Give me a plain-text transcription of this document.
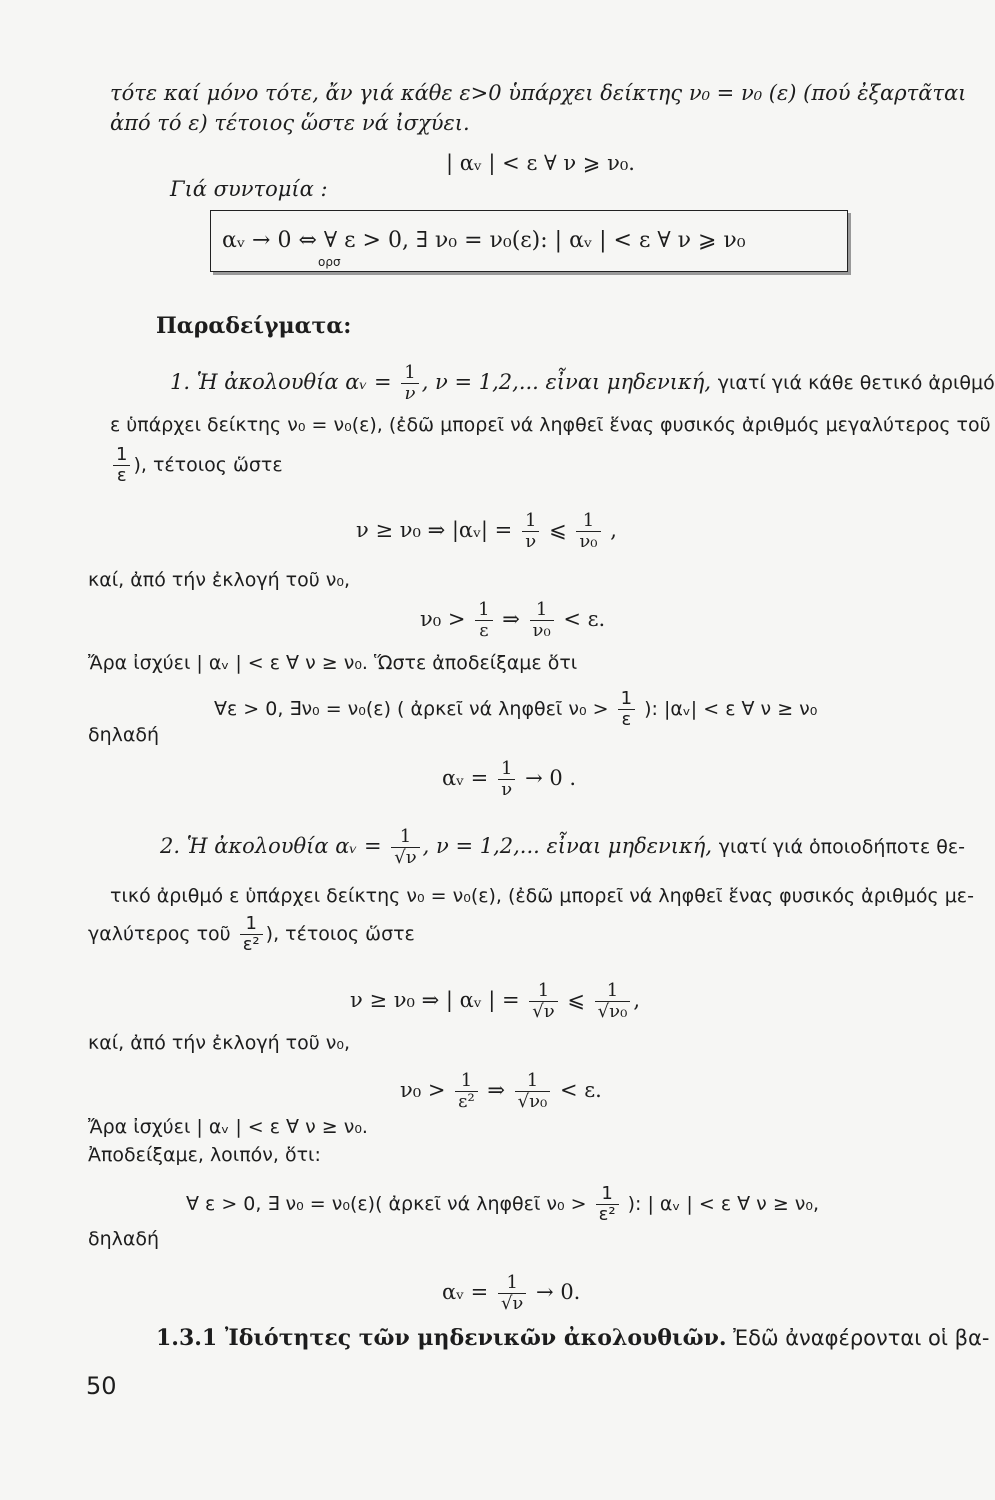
τότε καί μόνο τότε, ἄν γιά κάθε ε>0 ὑπάρχει δείκτης ν₀ = ν₀ (ε) (πού ἐξαρτᾶται
ἀπό τό ε) τέτοιος ὥστε νά ἰσχύει.
| αᵥ | < ε ∀ ν ⩾ ν₀.
Γιά συντομία :
αᵥ → 0 ⇔ ∀ ε > 0, ∃ ν₀ = ν₀(ε): | αᵥ | < ε ∀ ν ⩾ ν₀
ορσ
Παραδείγματα:
1. Ἡ ἀκολουθία αᵥ = $\frac{1}{\nu}$ , ν = 1,2,... εἶναι μηδενική, γιατί γιά κάθε θετικό ἀριθμό
ε ὑπάρχει δείκτης ν₀ = ν₀(ε), (ἐδῶ μπορεῖ νά ληφθεῖ ἕνας φυσικός ἀριθμός μεγαλύτερος τοῦ
$\frac{1}{\varepsilon}$ ), τέτοιος ὥστε
ν ≥ ν₀ ⇒ |αᵥ| = $\frac{1}{\nu}$ ⩽ $\frac{1}{\text{ν₀}}$ ,
καί, ἀπό τήν ἐκλογή τοῦ ν₀,
$\nu_0 > \frac{1}{\varepsilon}$ ⇒ $\frac{1}{\text{ν₀}} < \varepsilon$.
Ἄρα ἰσχύει | αᵥ | < ε ∀ ν ≥ ν₀. Ὥστε ἀποδείξαμε ὅτι
∀ε > 0, ∃ν₀ = ν₀(ε) ( ἀρκεῖ νά ληφθεῖ $\nu_0 > \frac{1}{\varepsilon}$ ): |αᵥ| < ε ∀ ν ≥ ν₀
δηλαδή
αᵥ = $\frac{1}{\nu} \to 0$ .
2. Ἡ ἀκολουθία αᵥ = $\frac{1}{√\nu}$ , ν = 1,2,... εἶναι μηδενική, γιατί γιά ὁποιοδήποτε θε-
τικό ἀριθμό ε ὑπάρχει δείκτης ν₀ = ν₀(ε), (ἐδῶ μπορεῖ νά ληφθεῖ ἕνας φυσικός ἀριθμός με-
γαλύτερος τοῦ $\frac{1}{\text{ε²}}$ ), τέτοιος ὥστε
ν ≥ ν₀ ⇒ | αᵥ | = $\frac{1}{√\nu}$ ⩽ $\frac{1}{\text{√ν₀}}$ ,
καί, ἀπό τήν ἐκλογή τοῦ ν₀,
$\nu_0 > \frac{1}{\text{ε²}}$ ⇒ $\frac{1}{\text{√ν₀}} < \varepsilon$.
Ἄρα ἰσχύει | αᵥ | < ε ∀ ν ≥ ν₀.
Ἀποδείξαμε, λοιπόν, ὅτι:
∀ ε > 0, ∃ ν₀ = ν₀(ε)( ἀρκεῖ νά ληφθεῖ $\nu_0 > \frac{1}{\text{ε²}}$ ): | αᵥ | < ε ∀ ν ≥ ν₀,
δηλαδή
αᵥ = $\frac{1}{√\nu} \to 0$.
1.3.1 Ἰδιότητες τῶν μηδενικῶν ἀκολουθιῶν. Ἐδῶ ἀναφέρονται οἱ βα-
50
